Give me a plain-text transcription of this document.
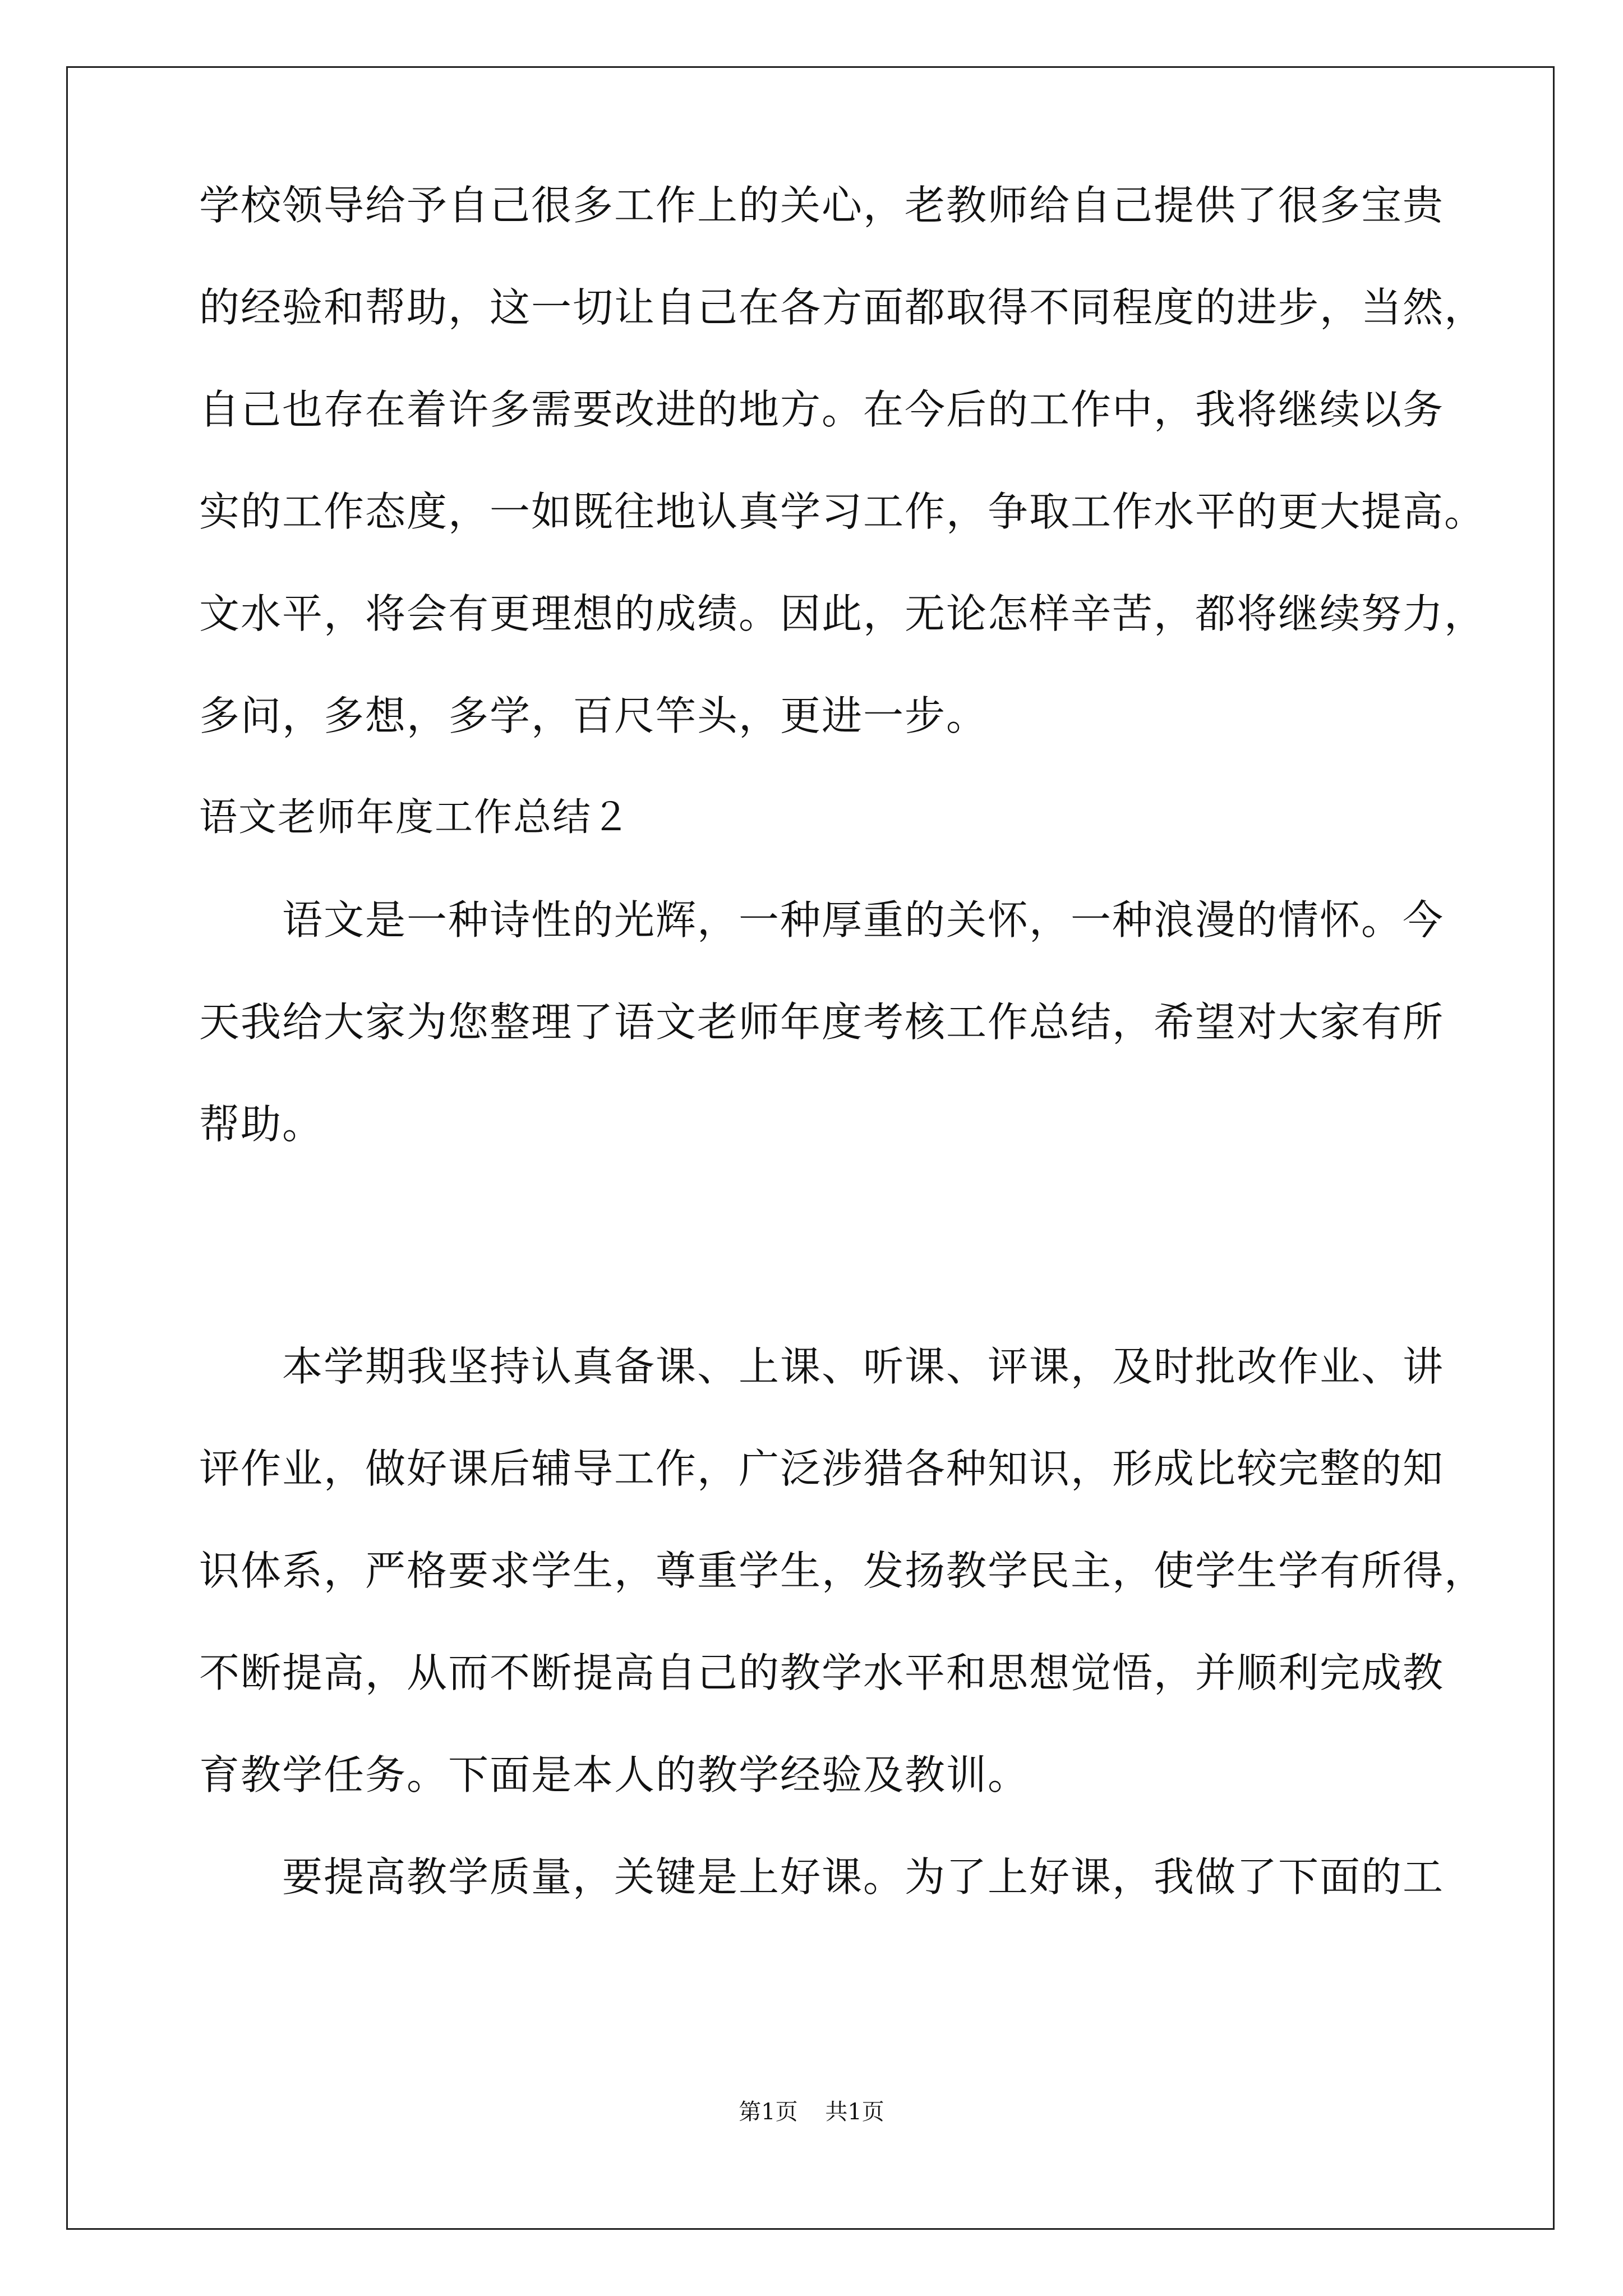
学校领导给予自己很多工作上的关心，老教师给自己提供了很多宝贵

的经验和帮助，这一切让自己在各方面都取得不同程度的进步，当然，

自己也存在着许多需要改进的地方。在今后的工作中，我将继续以务

实的工作态度，一如既往地认真学习工作，争取工作水平的更大提高。

文水平，将会有更理想的成绩。因此，无论怎样辛苦，都将继续努力，

多问，多想，多学，百尺竿头，更进一步。

语文老师年度工作总结２

语文是一种诗性的光辉，一种厚重的关怀，一种浪漫的情怀。今

天我给大家为您整理了语文老师年度考核工作总结，希望对大家有所

帮助。

本学期我坚持认真备课、上课、听课、评课，及时批改作业、讲

评作业，做好课后辅导工作，广泛涉猎各种知识，形成比较完整的知

识体系，严格要求学生，尊重学生，发扬教学民主，使学生学有所得，

不断提高，从而不断提高自己的教学水平和思想觉悟，并顺利完成教

育教学任务。下面是本人的教学经验及教训。

要提高教学质量，关键是上好课。为了上好课，我做了下面的工

第1页 共1页
